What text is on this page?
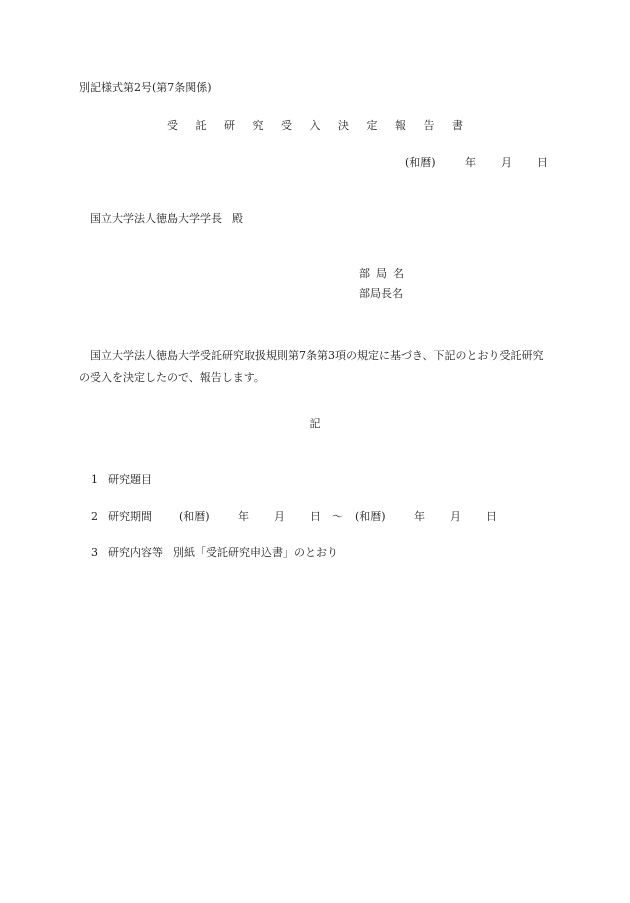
別記様式第2号(第7条関係)
受 託 研 究 受 入 決 定 報 告 書
(和暦)	年 月 日
国立大学法人徳島大学学長 殿
部局名
部局長名
国立大学法人徳島大学受託研究取扱規則第7条第3項の規定に基づき、下記のとおり受託研究の受入を決定したので、報告します。
記
1 研究題目
2 研究期間 (和暦)	年 月 日 〜 (和暦)	年 月 日
3 研究内容等 別紙「受託研究申込書」のとおり
